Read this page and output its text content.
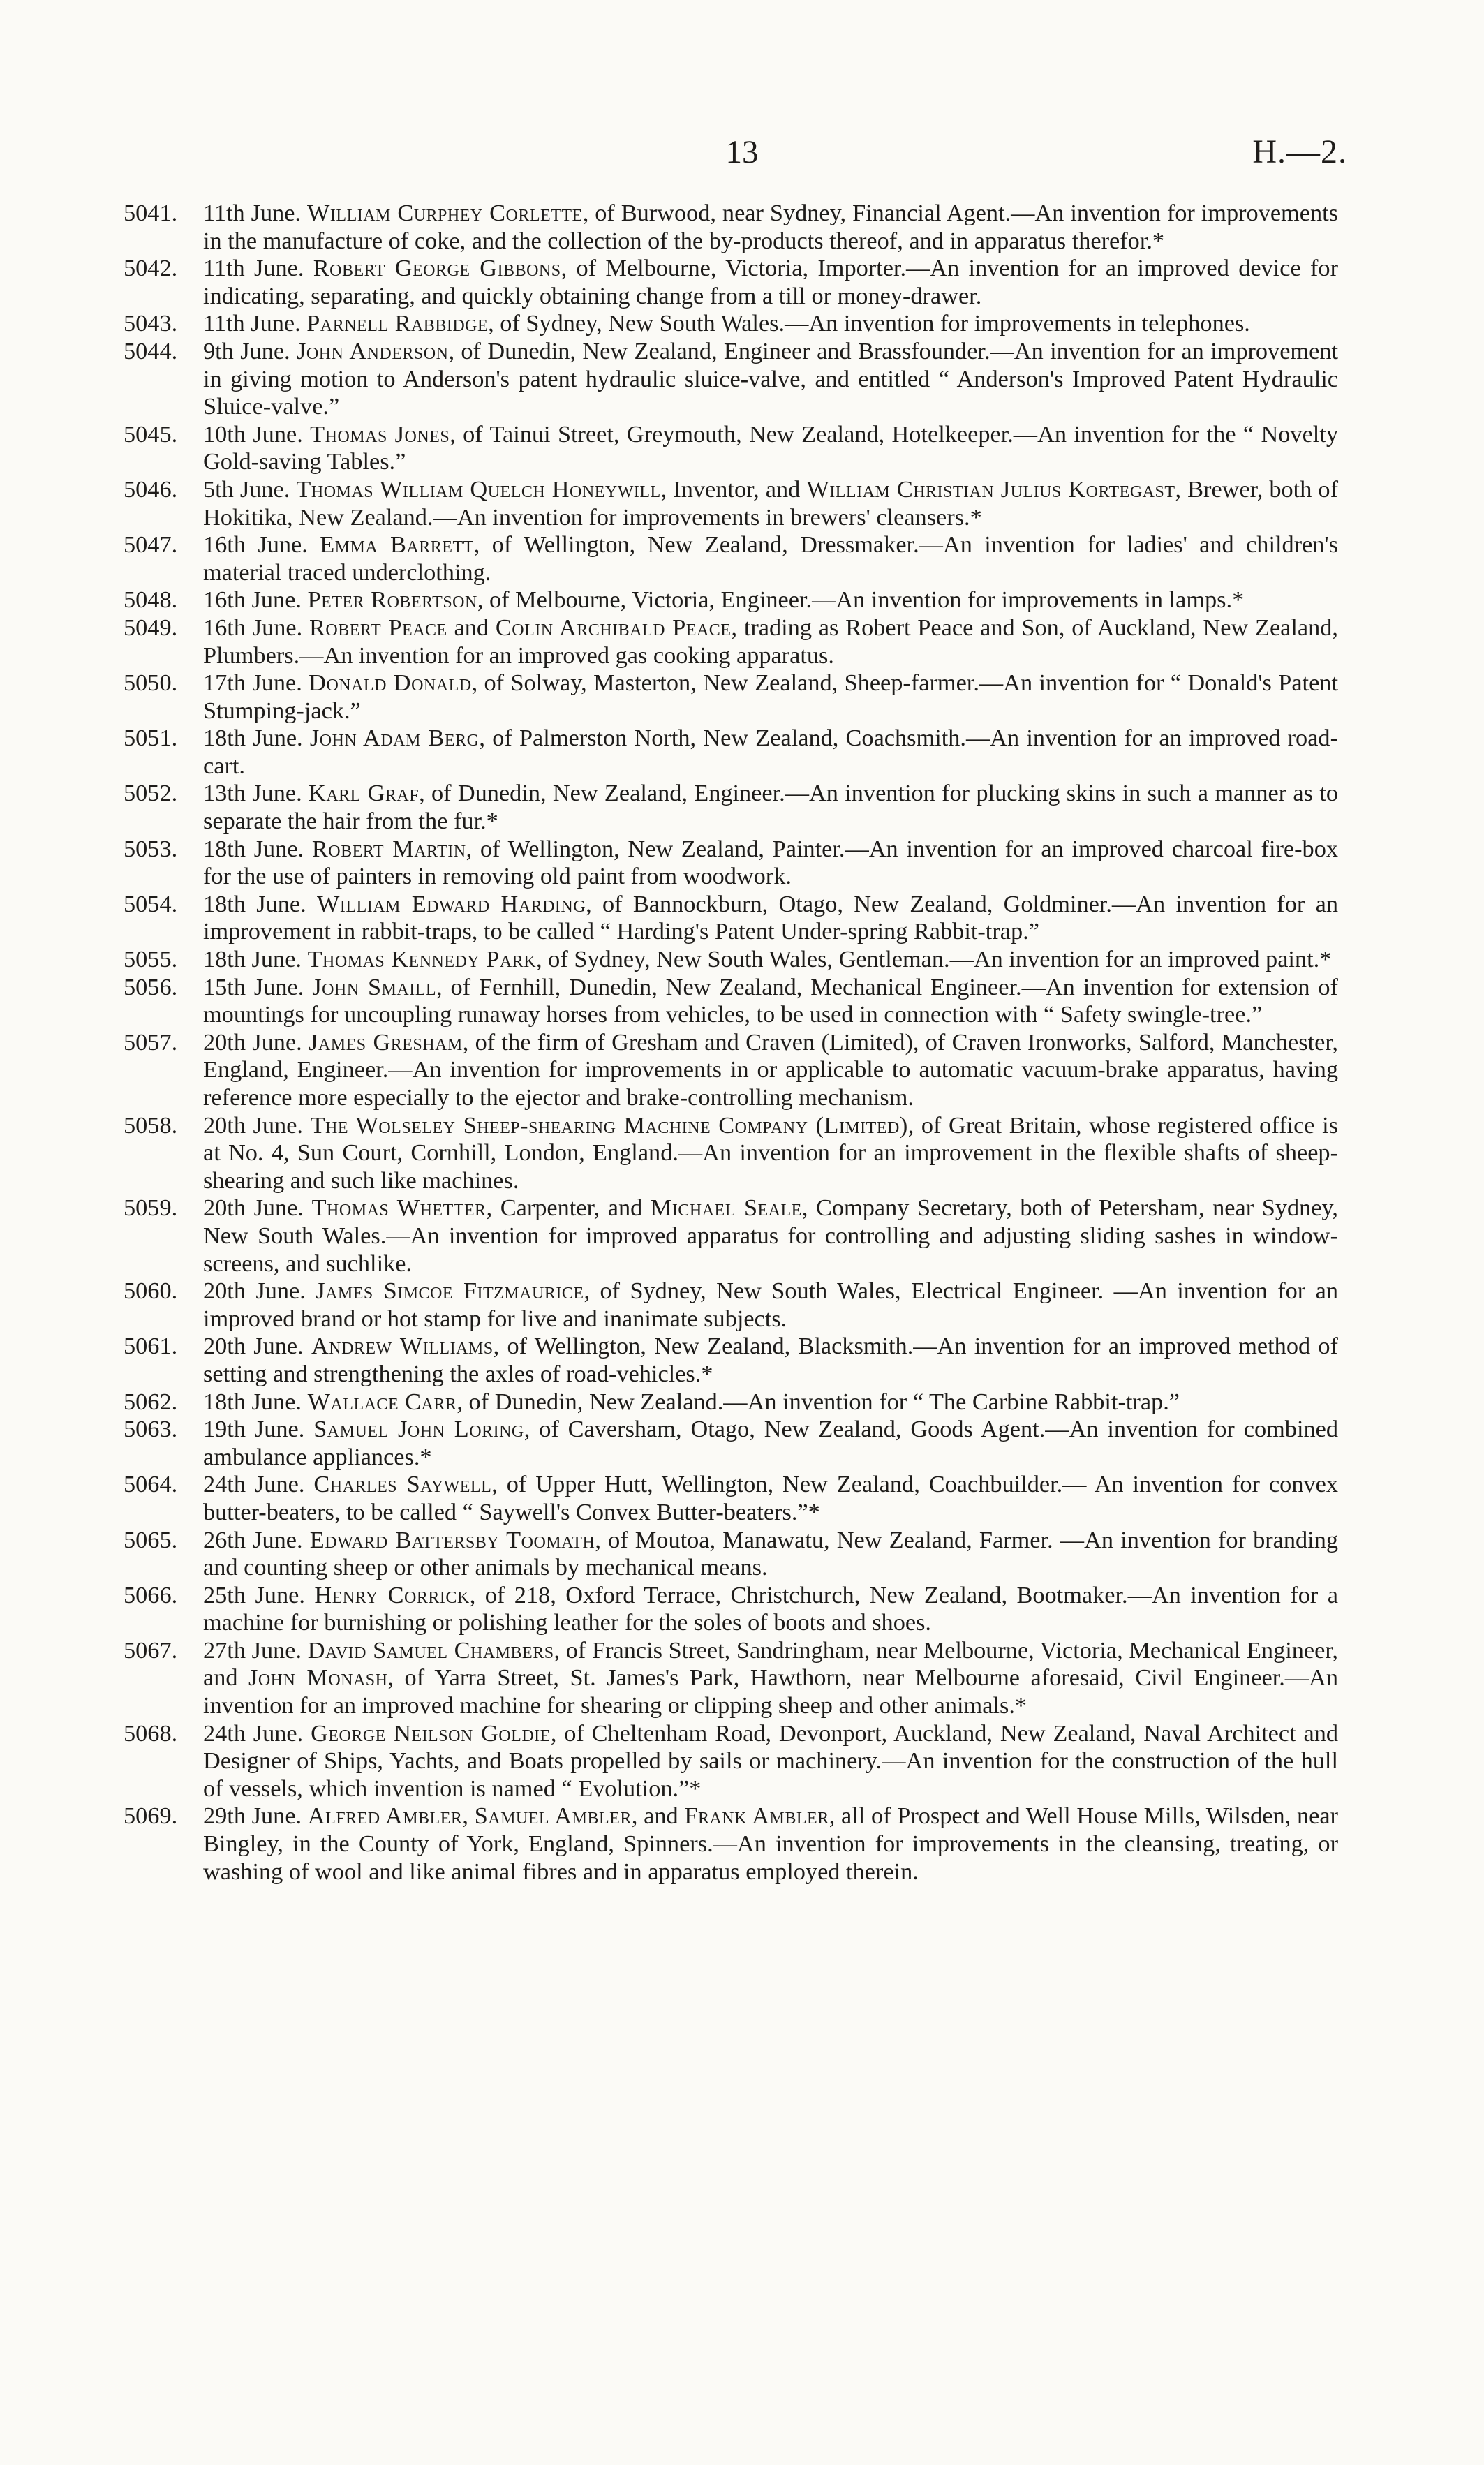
13	H.—2.
5041.	11th June. William Curphey Corlette, of Burwood, near Sydney, Financial Agent.—An invention for improvements in the manufacture of coke, and the collection of the by-products thereof, and in apparatus therefor.*
5042.	11th June. Robert George Gibbons, of Melbourne, Victoria, Importer.—An invention for an improved device for indicating, separating, and quickly obtaining change from a till or money-drawer.
5043.	11th June. Parnell Rabbidge, of Sydney, New South Wales.—An invention for improvements in telephones.
5044.	9th June. John Anderson, of Dunedin, New Zealand, Engineer and Brassfounder.—An invention for an improvement in giving motion to Anderson's patent hydraulic sluice-valve, and entitled “ Anderson's Improved Patent Hydraulic Sluice-valve.”
5045.	10th June. Thomas Jones, of Tainui Street, Greymouth, New Zealand, Hotelkeeper.—An invention for the “ Novelty Gold-saving Tables.”
5046.	5th June. Thomas William Quelch Honeywill, Inventor, and William Christian Julius Kortegast, Brewer, both of Hokitika, New Zealand.—An invention for improvements in brewers' cleansers.*
5047.	16th June. Emma Barrett, of Wellington, New Zealand, Dressmaker.—An invention for ladies' and children's material traced underclothing.
5048.	16th June. Peter Robertson, of Melbourne, Victoria, Engineer.—An invention for improvements in lamps.*
5049.	16th June. Robert Peace and Colin Archibald Peace, trading as Robert Peace and Son, of Auckland, New Zealand, Plumbers.—An invention for an improved gas cooking apparatus.
5050.	17th June. Donald Donald, of Solway, Masterton, New Zealand, Sheep-farmer.—An invention for “ Donald's Patent Stumping-jack.”
5051.	18th June. John Adam Berg, of Palmerston North, New Zealand, Coachsmith.—An invention for an improved road-cart.
5052.	13th June. Karl Graf, of Dunedin, New Zealand, Engineer.—An invention for plucking skins in such a manner as to separate the hair from the fur.*
5053.	18th June. Robert Martin, of Wellington, New Zealand, Painter.—An invention for an improved charcoal fire-box for the use of painters in removing old paint from woodwork.
5054.	18th June. William Edward Harding, of Bannockburn, Otago, New Zealand, Goldminer.—An invention for an improvement in rabbit-traps, to be called “ Harding's Patent Under-spring Rabbit-trap.”
5055.	18th June. Thomas Kennedy Park, of Sydney, New South Wales, Gentleman.—An invention for an improved paint.*
5056.	15th June. John Smaill, of Fernhill, Dunedin, New Zealand, Mechanical Engineer.—An invention for extension of mountings for uncoupling runaway horses from vehicles, to be used in connection with “ Safety swingle-tree.”
5057.	20th June. James Gresham, of the firm of Gresham and Craven (Limited), of Craven Ironworks, Salford, Manchester, England, Engineer.—An invention for improvements in or applicable to automatic vacuum-brake apparatus, having reference more especially to the ejector and brake-controlling mechanism.
5058.	20th June. The Wolseley Sheep-shearing Machine Company (Limited), of Great Britain, whose registered office is at No. 4, Sun Court, Cornhill, London, England.—An invention for an improvement in the flexible shafts of sheep-shearing and such like machines.
5059.	20th June. Thomas Whetter, Carpenter, and Michael Seale, Company Secretary, both of Petersham, near Sydney, New South Wales.—An invention for improved apparatus for controlling and adjusting sliding sashes in window-screens, and suchlike.
5060.	20th June. James Simcoe Fitzmaurice, of Sydney, New South Wales, Electrical Engineer. —An invention for an improved brand or hot stamp for live and inanimate subjects.
5061.	20th June. Andrew Williams, of Wellington, New Zealand, Blacksmith.—An invention for an improved method of setting and strengthening the axles of road-vehicles.*
5062.	18th June. Wallace Carr, of Dunedin, New Zealand.—An invention for “ The Carbine Rabbit-trap.”
5063.	19th June. Samuel John Loring, of Caversham, Otago, New Zealand, Goods Agent.—An invention for combined ambulance appliances.*
5064.	24th June. Charles Saywell, of Upper Hutt, Wellington, New Zealand, Coachbuilder.— An invention for convex butter-beaters, to be called “ Saywell's Convex Butter-beaters.”*
5065.	26th June. Edward Battersby Toomath, of Moutoa, Manawatu, New Zealand, Farmer. —An invention for branding and counting sheep or other animals by mechanical means.
5066.	25th June. Henry Corrick, of 218, Oxford Terrace, Christchurch, New Zealand, Bootmaker.—An invention for a machine for burnishing or polishing leather for the soles of boots and shoes.
5067.	27th June. David Samuel Chambers, of Francis Street, Sandringham, near Melbourne, Victoria, Mechanical Engineer, and John Monash, of Yarra Street, St. James's Park, Hawthorn, near Melbourne aforesaid, Civil Engineer.—An invention for an improved machine for shearing or clipping sheep and other animals.*
5068.	24th June. George Neilson Goldie, of Cheltenham Road, Devonport, Auckland, New Zealand, Naval Architect and Designer of Ships, Yachts, and Boats propelled by sails or machinery.—An invention for the construction of the hull of vessels, which invention is named “ Evolution.”*
5069.	29th June. Alfred Ambler, Samuel Ambler, and Frank Ambler, all of Prospect and Well House Mills, Wilsden, near Bingley, in the County of York, England, Spinners.—An invention for improvements in the cleansing, treating, or washing of wool and like animal fibres and in apparatus employed therein.
